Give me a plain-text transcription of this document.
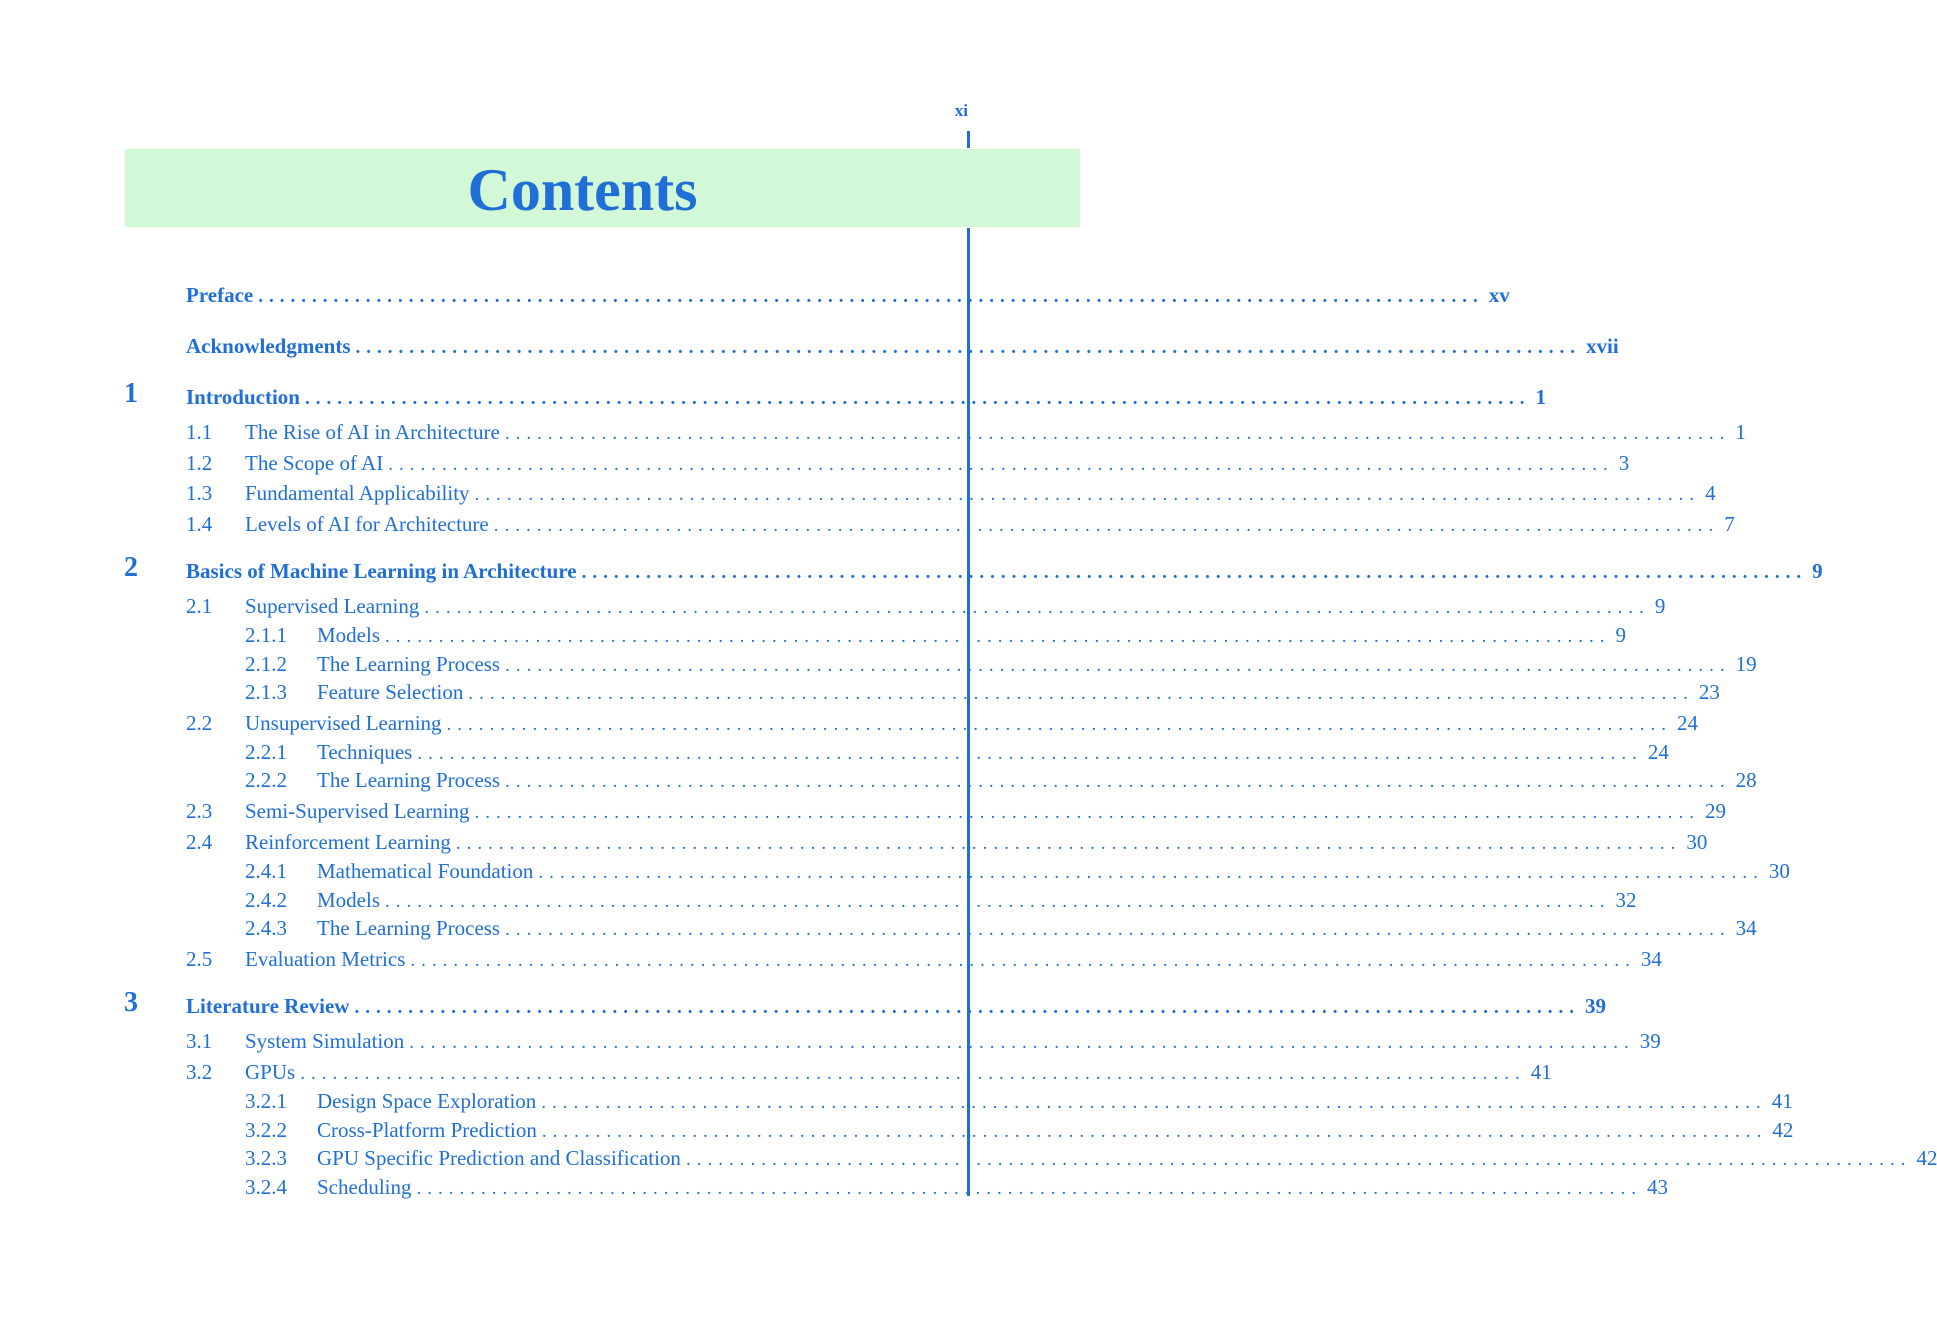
xi
Contents
Preface .................................................................................................................. xv
Acknowledgments .................................................................................................................. xvii
1 Introduction .................................................................................................................. 1
1.1 The Rise of AI in Architecture .................................................................................................................. 1
1.2 The Scope of AI .................................................................................................................. 3
1.3 Fundamental Applicability .................................................................................................................. 4
1.4 Levels of AI for Architecture .................................................................................................................. 7
2 Basics of Machine Learning in Architecture .................................................................................................................. 9
2.1 Supervised Learning .................................................................................................................. 9
2.1.1 Models .................................................................................................................. 9
2.1.2 The Learning Process .................................................................................................................. 19
2.1.3 Feature Selection .................................................................................................................. 23
2.2 Unsupervised Learning .................................................................................................................. 24
2.2.1 Techniques .................................................................................................................. 24
2.2.2 The Learning Process .................................................................................................................. 28
2.3 Semi-Supervised Learning .................................................................................................................. 29
2.4 Reinforcement Learning .................................................................................................................. 30
2.4.1 Mathematical Foundation .................................................................................................................. 30
2.4.2 Models .................................................................................................................. 32
2.4.3 The Learning Process .................................................................................................................. 34
2.5 Evaluation Metrics .................................................................................................................. 34
3 Literature Review .................................................................................................................. 39
3.1 System Simulation .................................................................................................................. 39
3.2 GPUs .................................................................................................................. 41
3.2.1 Design Space Exploration .................................................................................................................. 41
3.2.2 Cross-Platform Prediction .................................................................................................................. 42
3.2.3 GPU Specific Prediction and Classification .................................................................................................................. 42
3.2.4 Scheduling .................................................................................................................. 43
